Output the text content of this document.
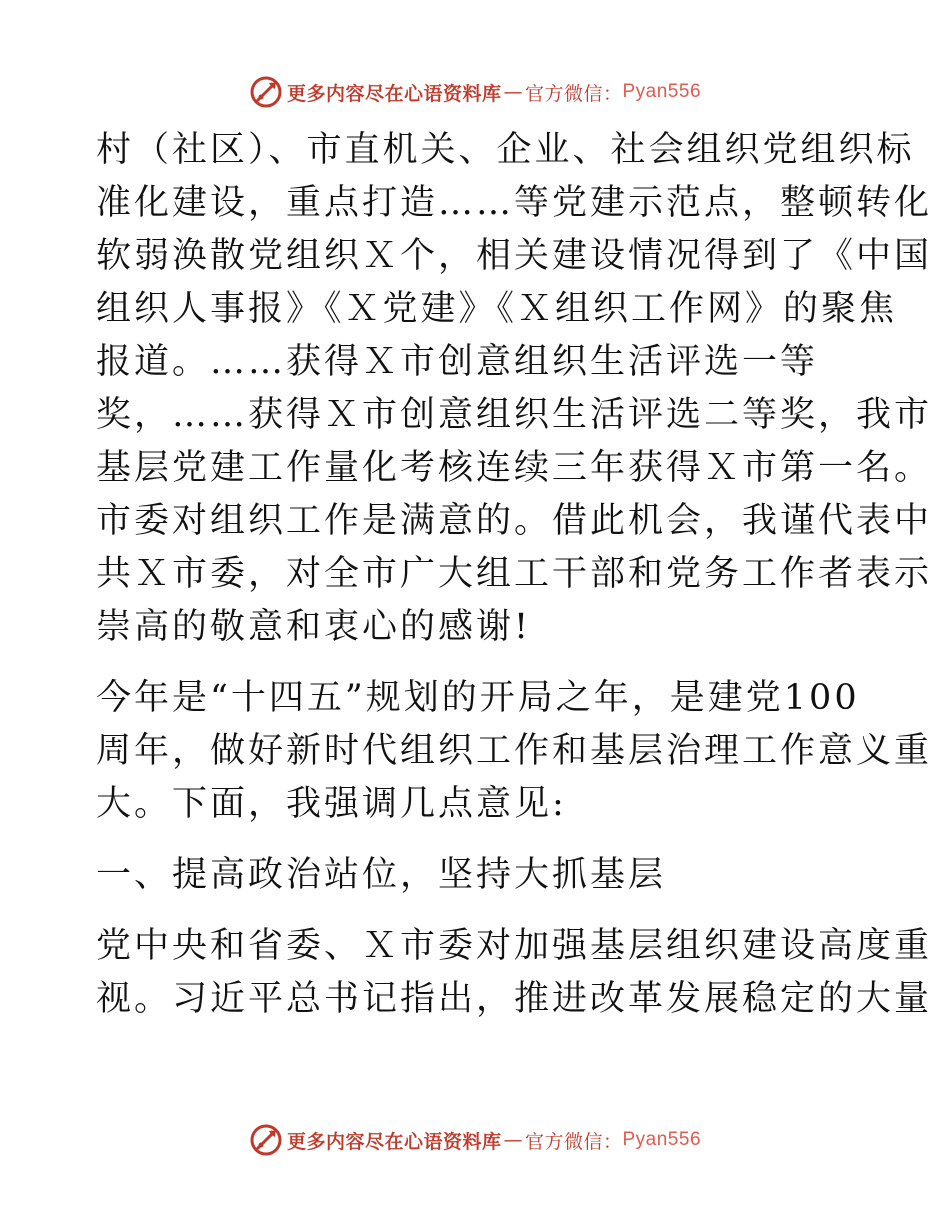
更多内容尽在心语资料库 — 官方微信： Pyan556

村（社区）、市直机关、企业、社会组织党组织标
准化建设，重点打造……等党建示范点，整顿转化
软弱涣散党组织Ｘ个，相关建设情况得到了《中国
组织人事报》《Ｘ党建》《Ｘ组织工作网》的聚焦
报道。……获得Ｘ市创意组织生活评选一等
奖，……获得Ｘ市创意组织生活评选二等奖，我市
基层党建工作量化考核连续三年获得Ｘ市第一名。
市委对组织工作是满意的。借此机会，我谨代表中
共Ｘ市委，对全市广大组工干部和党务工作者表示
崇高的敬意和衷心的感谢!

今年是“十四五”规划的开局之年，是建党100
周年，做好新时代组织工作和基层治理工作意义重
大。下面，我强调几点意见:

一、提高政治站位，坚持大抓基层

党中央和省委、Ｘ市委对加强基层组织建设高度重
视。习近平总书记指出，推进改革发展稳定的大量

更多内容尽在心语资料库 — 官方微信： Pyan556
